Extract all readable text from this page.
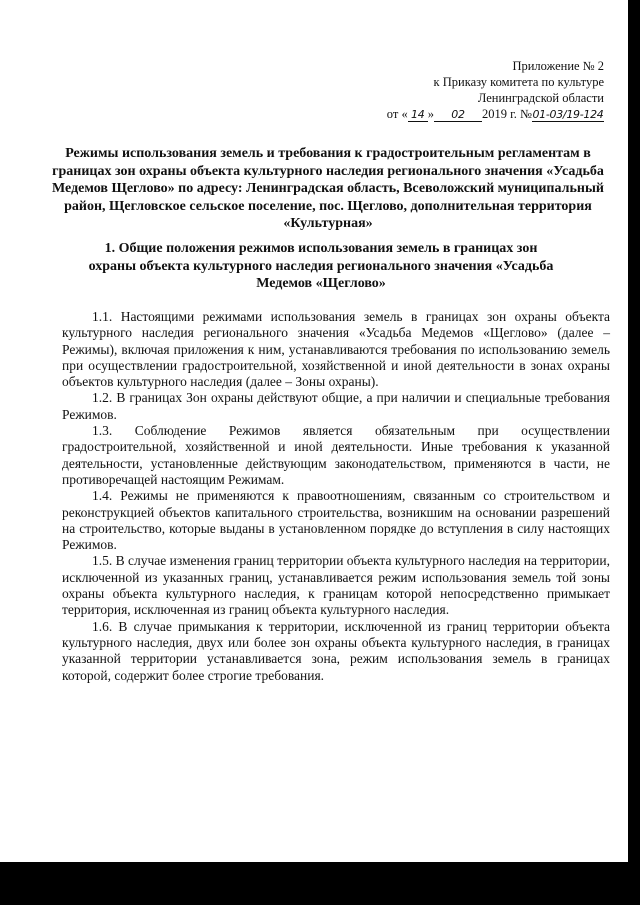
Приложение № 2
к Приказу комитета по культуре
Ленинградской области
от « 14 » 02 2019 г. №01-03/19-124
Режимы использования земель и требования к градостроительным регламентам в границах зон охраны объекта культурного наследия регионального значения «Усадьба Медемов Щеглово» по адресу: Ленинградская область, Всеволожский муниципальный район, Щегловское сельское поселение, пос. Щеглово, дополнительная территория «Культурная»
1. Общие положения режимов использования земель в границах зон охраны объекта культурного наследия регионального значения «Усадьба Медемов «Щеглово»

1.1. Настоящими режимами использования земель в границах зон охраны объекта культурного наследия регионального значения «Усадьба Медемов «Щеглово» (далее – Режимы), включая приложения к ним, устанавливаются требования по использованию земель при осуществлении градостроительной, хозяйственной и иной деятельности в зонах охраны объектов культурного наследия (далее – Зоны охраны).

1.2. В границах Зон охраны действуют общие, а при наличии и специальные требования Режимов.

1.3. Соблюдение Режимов является обязательным при осуществлении градостроительной, хозяйственной и иной деятельности. Иные требования к указанной деятельности, установленные действующим законодательством, применяются в части, не противоречащей настоящим Режимам.

1.4. Режимы не применяются к правоотношениям, связанным со строительством и реконструкцией объектов капитального строительства, возникшим на основании разрешений на строительство, которые выданы в установленном порядке до вступления в силу настоящих Режимов.

1.5. В случае изменения границ территории объекта культурного наследия на территории, исключенной из указанных границ, устанавливается режим использования земель той зоны охраны объекта культурного наследия, к границам которой непосредственно примыкает территория, исключенная из границ объекта культурного наследия.

1.6. В случае примыкания к территории, исключенной из границ территории объекта культурного наследия, двух или более зон охраны объекта культурного наследия, в границах указанной территории устанавливается зона, режим использования земель в границах которой, содержит более строгие требования.
